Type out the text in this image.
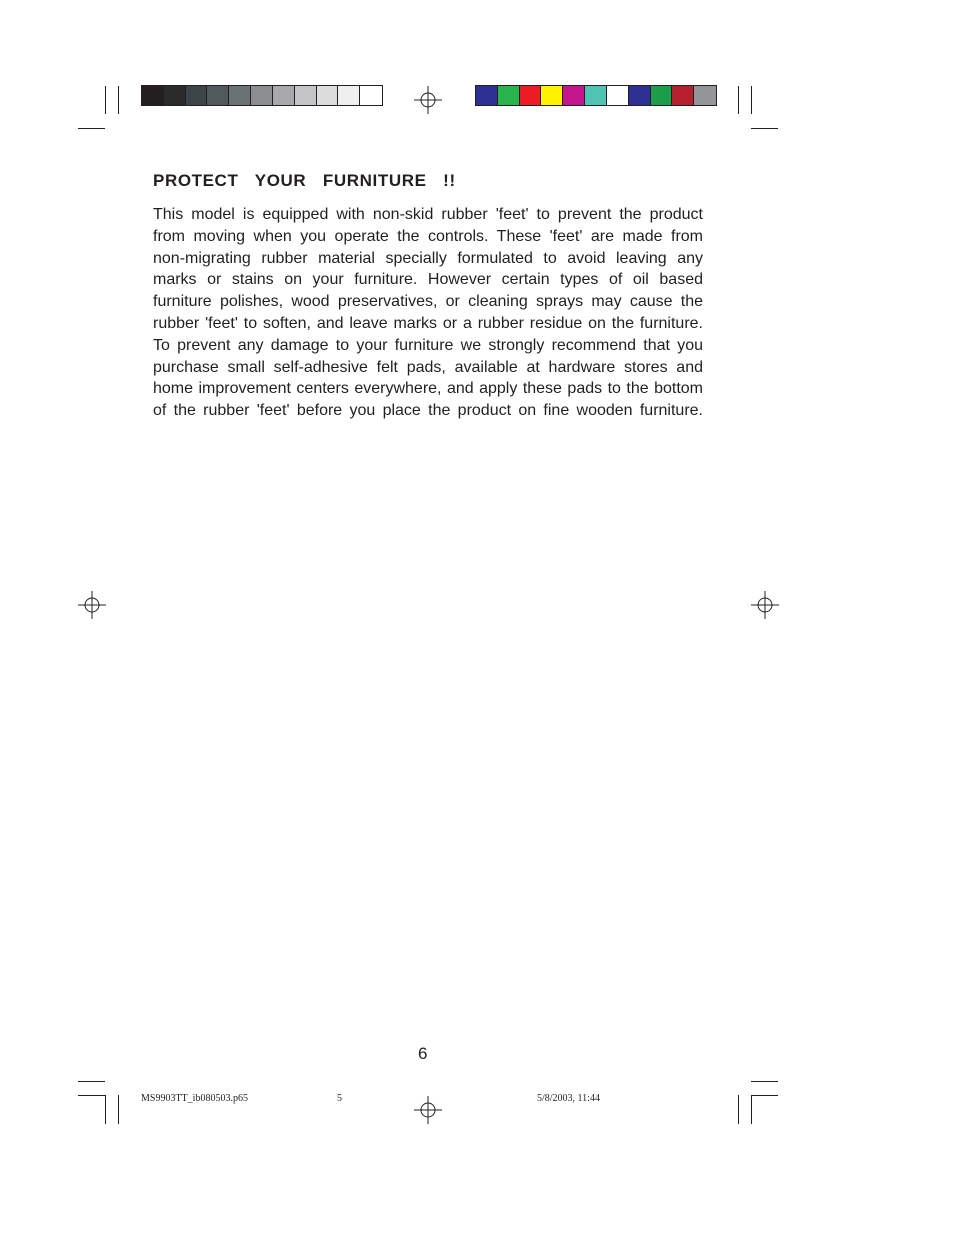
PROTECT  YOUR  FURNITURE  !!
This model is equipped with non-skid rubber 'feet' to prevent the product
from moving when you operate the controls. These 'feet' are made from
non-migrating rubber material specially formulated to avoid leaving any
marks or stains on your furniture. However certain types of oil based
furniture polishes, wood preservatives, or cleaning sprays may cause the
rubber 'feet' to soften, and leave marks or a rubber residue on the furniture.
To prevent any damage to your furniture we strongly recommend that you
purchase small self-adhesive felt pads, available at hardware stores and
home improvement centers everywhere, and apply these pads to the bottom
of the rubber 'feet' before you place the product on fine wooden furniture.
6
MS9903TT_ib080503.p65	5	5/8/2003, 11:44
